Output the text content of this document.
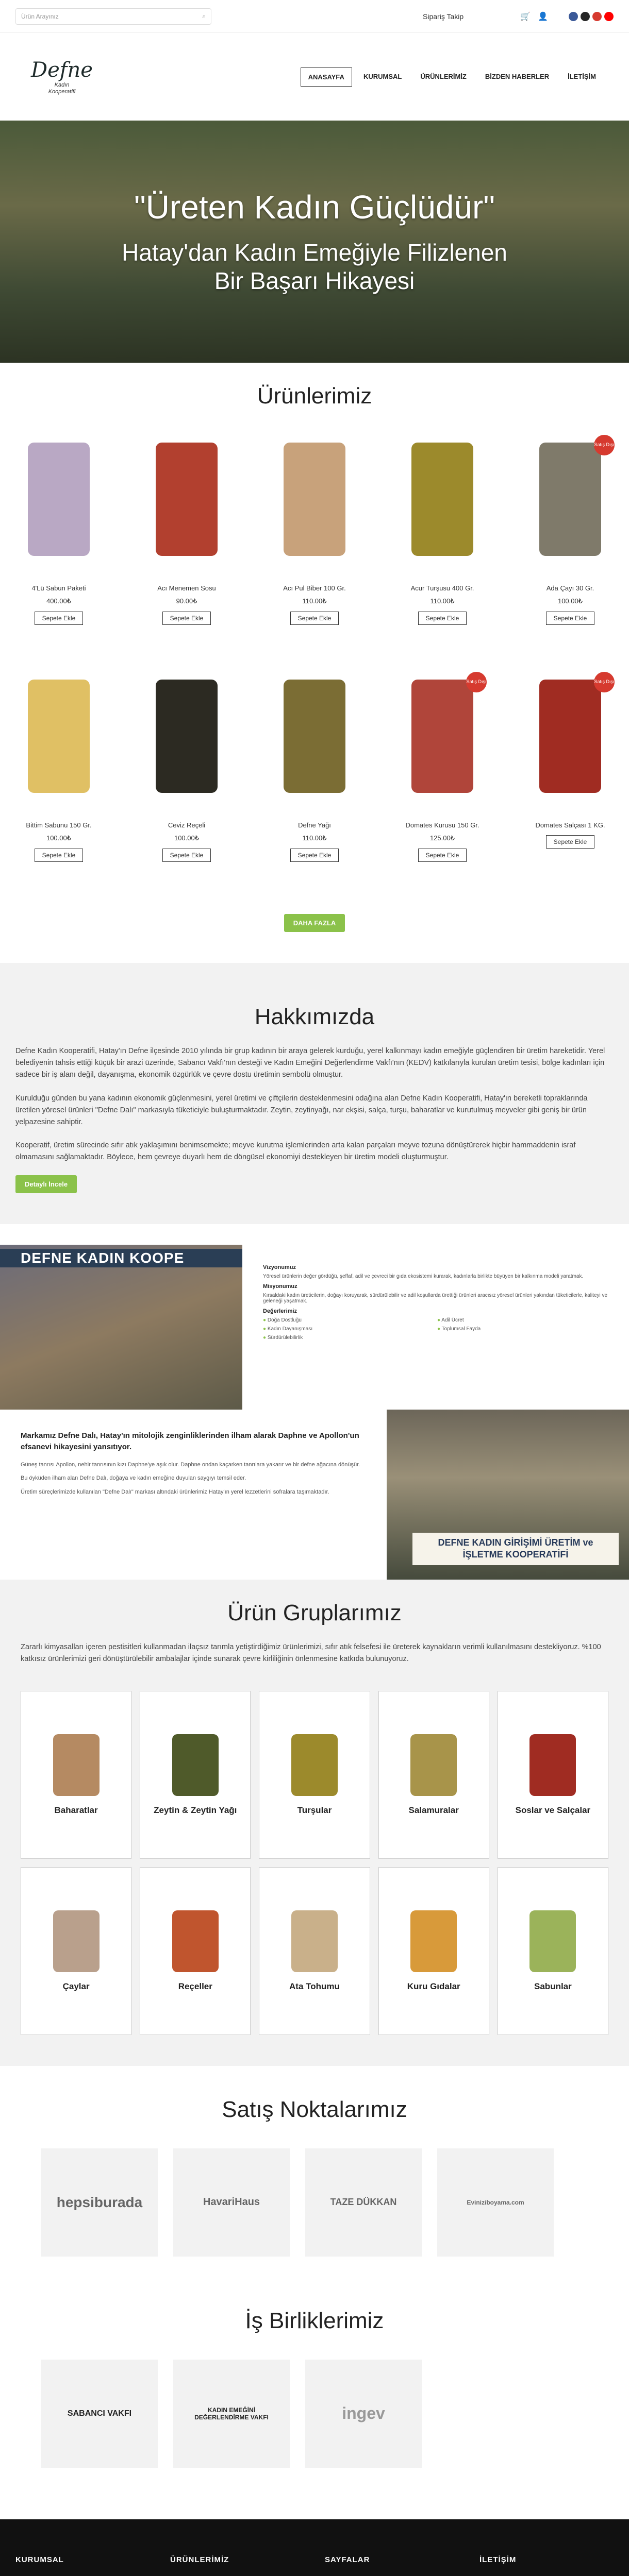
Ürün Arayınız	⌕	Sipariş Takip	🛒 👤
Defne
Kadın
Kooperatifi
ANASAYFA	KURUMSAL	ÜRÜNLERİMİZ	BİZDEN HABERLER	İLETİŞİM
"Üreten Kadın Güçlüdür"
Hatay'dan Kadın Emeğiyle Filizlenen Bir Başarı Hikayesi
Ürünlerimiz
4'Lü Sabun Paketi
400.00₺
Sepete Ekle
Acı Menemen Sosu
90.00₺
Sepete Ekle
Acı Pul Biber 100 Gr.
110.00₺
Sepete Ekle
Acur Turşusu 400 Gr.
110.00₺
Sepete Ekle
Satış Dışı
Ada Çayı 30 Gr.
100.00₺
Sepete Ekle
Bittim Sabunu 150 Gr.
100.00₺
Sepete Ekle
Ceviz Reçeli
100.00₺
Sepete Ekle
Defne Yağı
110.00₺
Sepete Ekle
Satış Dışı
Domates Kurusu 150 Gr.
125.00₺
Sepete Ekle
Satış Dışı
Domates Salçası 1 KG.
Sepete Ekle
DAHA FAZLA
Hakkımızda

Defne Kadın Kooperatifi, Hatay'ın Defne ilçesinde 2010 yılında bir grup kadının bir araya gelerek kurduğu, yerel kalkınmayı kadın emeğiyle güçlendiren bir üretim hareketidir. Yerel belediyenin tahsis ettiği küçük bir arazi üzerinde, Sabancı Vakfı'nın desteği ve Kadın Emeğini Değerlendirme Vakfı'nın (KEDV) katkılarıyla kurulan üretim tesisi, bölge kadınları için sadece bir iş alanı değil, dayanışma, ekonomik özgürlük ve çevre dostu üretimin sembolü olmuştur.

Kurulduğu günden bu yana kadının ekonomik güçlenmesini, yerel üretimi ve çiftçilerin desteklenmesini odağına alan Defne Kadın Kooperatifi, Hatay'ın bereketli topraklarında üretilen yöresel ürünleri "Defne Dalı" markasıyla tüketiciyle buluşturmaktadır. Zeytin, zeytinyağı, nar ekşisi, salça, turşu, baharatlar ve kurutulmuş meyveler gibi geniş bir ürün yelpazesine sahiptir.

Kooperatif, üretim sürecinde sıfır atık yaklaşımını benimsemekte; meyve kurutma işlemlerinden arta kalan parçaları meyve tozuna dönüştürerek hiçbir hammaddenin israf olmamasını sağlamaktadır. Böylece, hem çevreye duyarlı hem de döngüsel ekonomiyi destekleyen bir üretim modeli oluşturmuştur.

Detaylı İncele
DEFNE KADIN KOOPE
Vizyonumuz
Yöresel ürünlerin değer gördüğü, şeffaf, adil ve çevreci bir gıda ekosistemi kurarak, kadınlarla birlikte büyüyen bir kalkınma modeli yaratmak.
Misyonumuz
Kırsaldaki kadın üreticilerin, doğayı koruyarak, sürdürülebilir ve adil koşullarda ürettiği ürünleri aracısız yöresel ürünleri yakından tüketicilerle, kaliteyi ve geleneği yaşatmak.
Değerlerimiz
● Doğa Dostluğu	● Adil Ücret
● Kadın Dayanışması	● Toplumsal Fayda
● Sürdürülebilirlik
Markamız Defne Dalı, Hatay'ın mitolojik zenginliklerinden ilham alarak Daphne ve Apollon'un efsanevi hikayesini yansıtıyor.

Güneş tanrısı Apollon, nehir tanrısının kızı Daphne'ye aşık olur. Daphne ondan kaçarken tanrılara yakarır ve bir defne ağacına dönüşür.

Bu öyküden ilham alan Defne Dalı, doğaya ve kadın emeğine duyulan saygıyı temsil eder.

Üretim süreçlerimizde kullanılan "Defne Dalı" markası altındaki ürünlerimiz Hatay'ın yerel lezzetlerini sofralara taşımaktadır.

DEFNE KADIN GİRİŞİMİ ÜRETİM ve İŞLETME KOOPERATİFİ
Ürün Gruplarımız

Zararlı kimyasalları içeren pestisitleri kullanmadan ilaçsız tarımla yetiştirdiğimiz ürünlerimizi, sıfır atık felsefesi ile üreterek kaynakların verimli kullanılmasını destekliyoruz. %100 katkısız ürünlerimizi geri dönüştürülebilir ambalajlar içinde sunarak çevre kirliliğinin önlenmesine katkıda bulunuyoruz.

Baharatlar	Zeytin & Zeytin Yağı	Turşular	Salamuralar	Soslar ve Salçalar
Çaylar	Reçeller	Ata Tohumu	Kuru Gıdalar	Sabunlar
Satış Noktalarımız
hepsiburada	HavariHaus	TAZE DÜKKAN	Eviniziboyama.com
İş Birliklerimiz
SABANCI VAKFI	KADIN EMEĞİNİ DEĞERLENDİRME VAKFI	ingev
KURUMSAL	ÜRÜNLERİMİZ	SAYFALAR	İLETİŞİM
